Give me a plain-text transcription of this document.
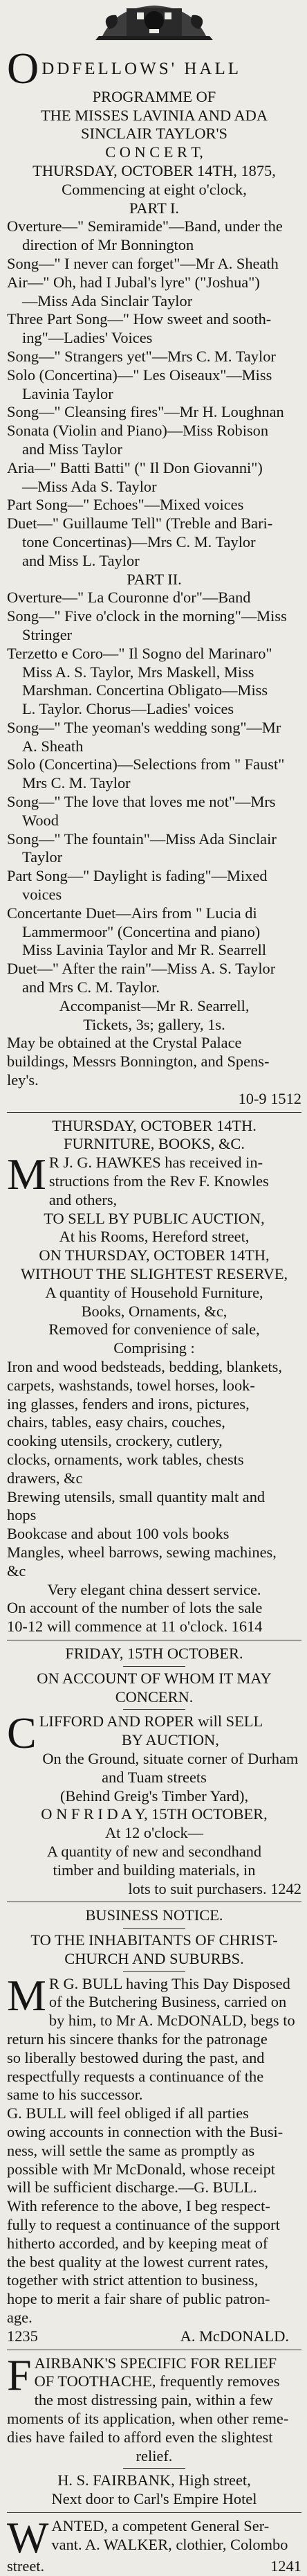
O DDFELLOWS' HALL
PROGRAMME OF
THE MISSES LAVINIA AND ADA
SINCLAIR TAYLOR'S
C O N C E R T,
THURSDAY, OCTOBER 14TH, 1875,
Commencing at eight o'clock,
PART I.
Overture—" Semiramide"—Band, under the
direction of Mr Bonnington
Song—" I never can forget"—Mr A. Sheath
Air—" Oh, had I Jubal's lyre" ("Joshua")
—Miss Ada Sinclair Taylor
Three Part Song—" How sweet and sooth-
ing"—Ladies' Voices
Song—" Strangers yet"—Mrs C. M. Taylor
Solo (Concertina)—" Les Oiseaux"—Miss
Lavinia Taylor
Song—" Cleansing fires"—Mr H. Loughnan
Sonata (Violin and Piano)—Miss Robison
and Miss Taylor
Aria—" Batti Batti" (" Il Don Giovanni")
—Miss Ada S. Taylor
Part Song—" Echoes"—Mixed voices
Duet—" Guillaume Tell" (Treble and Bari-
tone Concertinas)—Mrs C. M. Taylor
and Miss L. Taylor
PART II.
Overture—" La Couronne d'or"—Band
Song—" Five o'clock in the morning"—Miss
Stringer
Terzetto e Coro—" Il Sogno del Marinaro"
Miss A. S. Taylor, Mrs Maskell, Miss
Marshman. Concertina Obligato—Miss
L. Taylor. Chorus—Ladies' voices
Song—" The yeoman's wedding song"—Mr
A. Sheath
Solo (Concertina)—Selections from " Faust"
Mrs C. M. Taylor
Song—" The love that loves me not"—Mrs
Wood
Song—" The fountain"—Miss Ada Sinclair
Taylor
Part Song—" Daylight is fading"—Mixed
voices
Concertante Duet—Airs from " Lucia di
Lammermoor" (Concertina and piano)
Miss Lavinia Taylor and Mr R. Searrell
Duet—" After the rain"—Miss A. S. Taylor
and Mrs C. M. Taylor.
Accompanist—Mr R. Searrell,
Tickets, 3s; gallery, 1s.
May be obtained at the Crystal Palace
buildings, Messrs Bonnington, and Spens-
ley's.
10-9 1512
THURSDAY, OCTOBER 14TH.
FURNITURE, BOOKS, &C.
M R J. G. HAWKES has received in-
structions from the Rev F. Knowles
and others,
TO SELL BY PUBLIC AUCTION,
At his Rooms, Hereford street,
ON THURSDAY, OCTOBER 14TH,
WITHOUT THE SLIGHTEST RESERVE,
A quantity of Household Furniture,
Books, Ornaments, &c,
Removed for convenience of sale,
Comprising :
Iron and wood bedsteads, bedding, blankets,
carpets, washstands, towel horses, look-
ing glasses, fenders and irons, pictures,
chairs, tables, easy chairs, couches,
cooking utensils, crockery, cutlery,
clocks, ornaments, work tables, chests
drawers, &c
Brewing utensils, small quantity malt and
hops
Bookcase and about 100 vols books
Mangles, wheel barrows, sewing machines,
&c
Very elegant china dessert service.
On account of the number of lots the sale
10-12 will commence at 11 o'clock. 1614
FRIDAY, 15TH OCTOBER.
ON ACCOUNT OF WHOM IT MAY
CONCERN.
C LIFFORD AND ROPER will SELL
BY AUCTION,
On the Ground, situate corner of Durham
and Tuam streets
(Behind Greig's Timber Yard),
O N F R I D A Y, 15TH OCTOBER,
At 12 o'clock—
A quantity of new and secondhand
timber and building materials, in
lots to suit purchasers. 1242
BUSINESS NOTICE.
TO THE INHABITANTS OF CHRIST-
CHURCH AND SUBURBS.
M R G. BULL having This Day Disposed
of the Butchering Business, carried on
by him, to Mr A. McDONALD, begs to
return his sincere thanks for the patronage
so liberally bestowed during the past, and
respectfully requests a continuance of the
same to his successor.
G. BULL will feel obliged if all parties
owing accounts in connection with the Busi-
ness, will settle the same as promptly as
possible with Mr McDonald, whose receipt
will be sufficient discharge.—G. BULL.
With reference to the above, I beg respect-
fully to request a continuance of the support
hitherto accorded, and by keeping meat of
the best quality at the lowest current rates,
together with strict attention to business,
hope to merit a fair share of public patron-
age.
1235	A. McDONALD.
F AIRBANK'S SPECIFIC FOR RELIEF
OF TOOTHACHE, frequently removes
the most distressing pain, within a few
moments of its application, when other reme-
dies have failed to afford even the slightest
relief.
H. S. FAIRBANK, High street,
Next door to Carl's Empire Hotel
W ANTED, a competent General Ser-
vant. A. WALKER, clothier, Colombo
street.	1241
